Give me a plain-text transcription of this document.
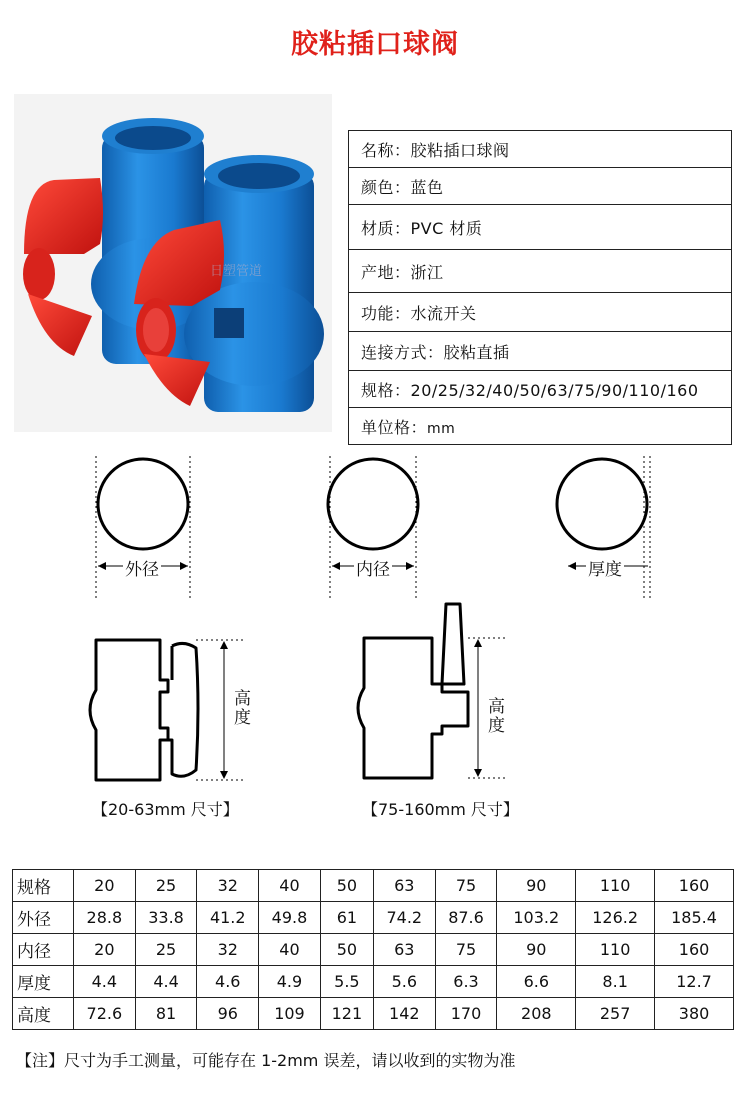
胶粘插口球阀
日塑管道
名称：胶粘插口球阀
颜色：蓝色
材质：PVC 材质
产地：浙江
功能：水流开关
连接方式：胶粘直插
规格：20/25/32/40/50/63/75/90/110/160
单位格：mm
外径	内径	厚度
高度
【20-63mm 尺寸】
高度
【75-160mm 尺寸】
规格	20	25	32	40	50	63	75	90	110	160
外径	28.8	33.8	41.2	49.8	61	74.2	87.6	103.2	126.2	185.4
内径	20	25	32	40	50	63	75	90	110	160
厚度	4.4	4.4	4.6	4.9	5.5	5.6	6.3	6.6	8.1	12.7
高度	72.6	81	96	109	121	142	170	208	257	380
【注】尺寸为手工测量，可能存在 1-2mm 误差，请以收到的实物为准
